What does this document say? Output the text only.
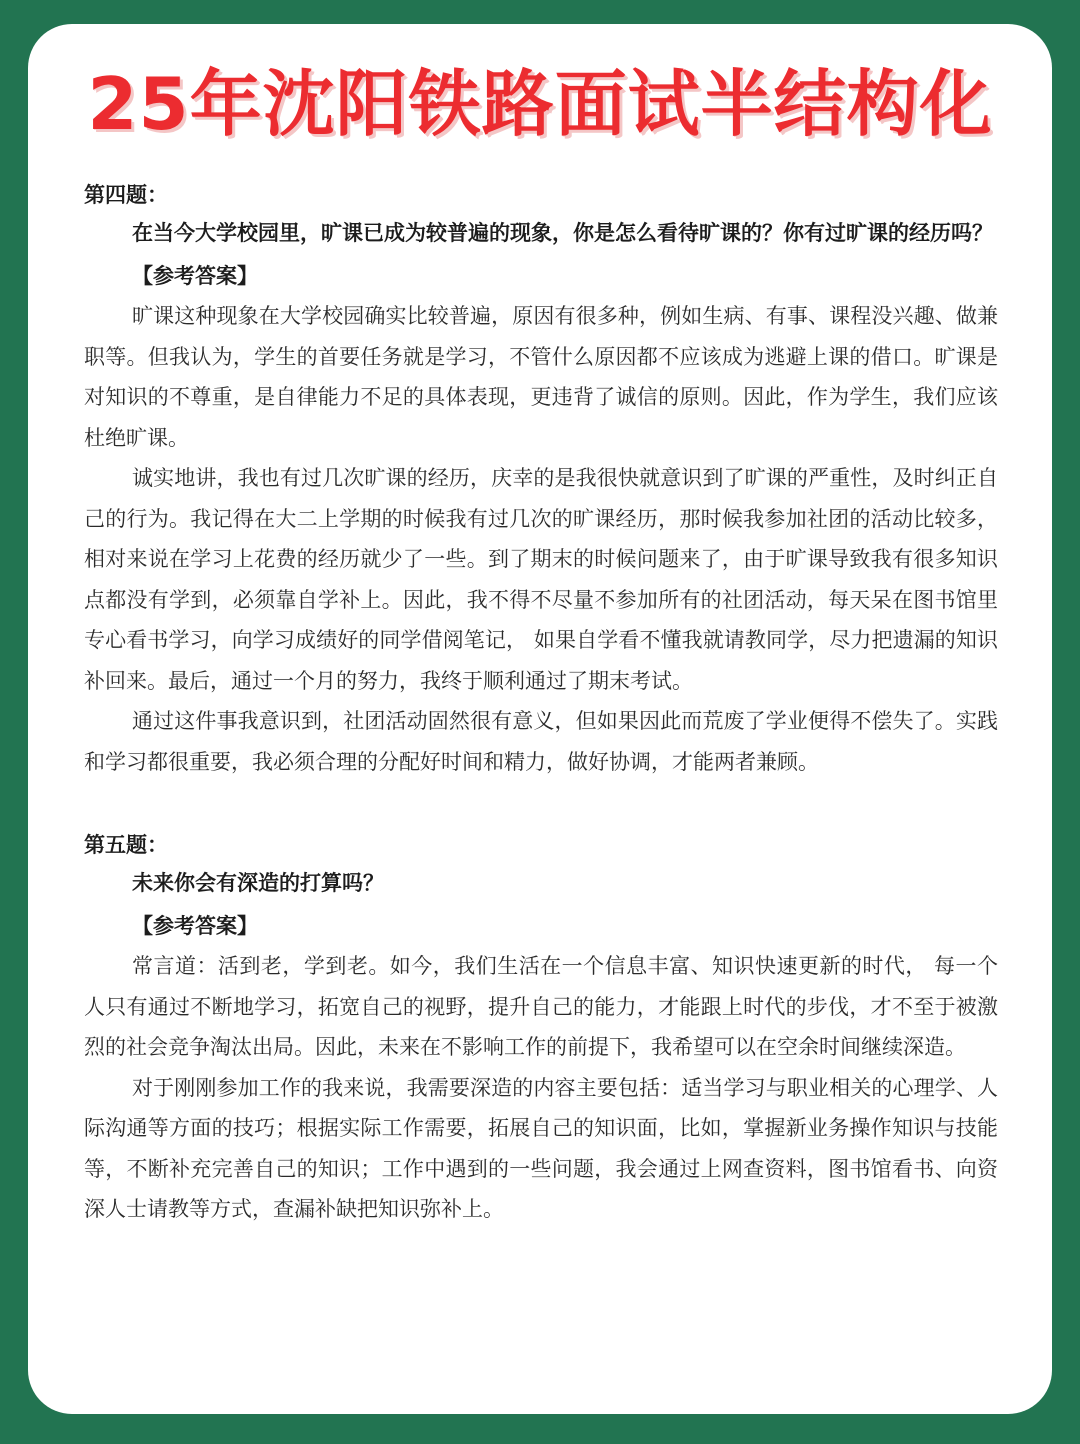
25年沈阳铁路面试半结构化

第四题：

在当今大学校园里，旷课已成为较普遍的现象，你是怎么看待旷课的？你有过旷课的经历吗？

【参考答案】

旷课这种现象在大学校园确实比较普遍，原因有很多种，例如生病、有事、课程没兴趣、做兼职等。但我认为，学生的首要任务就是学习，不管什么原因都不应该成为逃避上课的借口。旷课是对知识的不尊重，是自律能力不足的具体表现，更违背了诚信的原则。因此，作为学生，我们应该杜绝旷课。

诚实地讲，我也有过几次旷课的经历，庆幸的是我很快就意识到了旷课的严重性，及时纠正自己的行为。我记得在大二上学期的时候我有过几次的旷课经历，那时候我参加社团的活动比较多，相对来说在学习上花费的经历就少了一些。到了期末的时候问题来了，由于旷课导致我有很多知识点都没有学到，必须靠自学补上。因此，我不得不尽量不参加所有的社团活动，每天呆在图书馆里专心看书学习，向学习成绩好的同学借阅笔记， 如果自学看不懂我就请教同学，尽力把遗漏的知识补回来。最后，通过一个月的努力，我终于顺利通过了期末考试。

通过这件事我意识到，社团活动固然很有意义，但如果因此而荒废了学业便得不偿失了。实践和学习都很重要，我必须合理的分配好时间和精力，做好协调，才能两者兼顾。

第五题：

未来你会有深造的打算吗？

【参考答案】

常言道：活到老，学到老。如今，我们生活在一个信息丰富、知识快速更新的时代， 每一个人只有通过不断地学习，拓宽自己的视野，提升自己的能力，才能跟上时代的步伐，才不至于被激烈的社会竞争淘汰出局。因此，未来在不影响工作的前提下，我希望可以在空余时间继续深造。

对于刚刚参加工作的我来说，我需要深造的内容主要包括：适当学习与职业相关的心理学、人际沟通等方面的技巧；根据实际工作需要，拓展自己的知识面，比如，掌握新业务操作知识与技能等，不断补充完善自己的知识；工作中遇到的一些问题，我会通过上网查资料，图书馆看书、向资深人士请教等方式，查漏补缺把知识弥补上。
